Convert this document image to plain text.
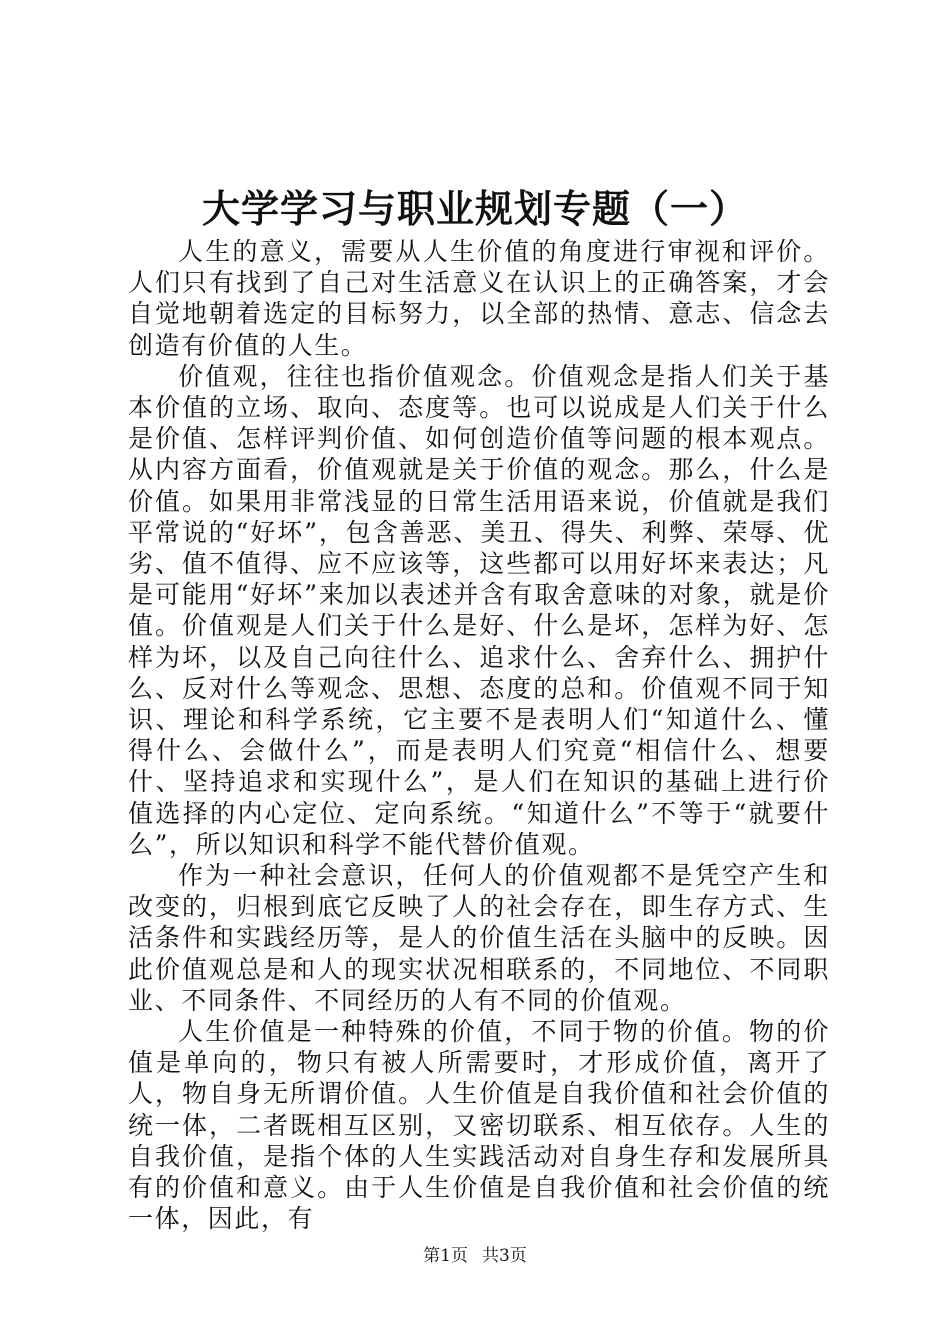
大学学习与职业规划专题（一）

人生的意义，需要从人生价值的角度进行审视和评价。人们只有找到了自己对生活意义在认识上的正确答案，才会自觉地朝着选定的目标努力，以全部的热情、意志、信念去创造有价值的人生。

价值观，往往也指价值观念。价值观念是指人们关于基本价值的立场、取向、态度等。也可以说成是人们关于什么是价值、怎样评判价值、如何创造价值等问题的根本观点。从内容方面看，价值观就是关于价值的观念。那么，什么是价值。如果用非常浅显的日常生活用语来说，价值就是我们平常说的“好坏”，包含善恶、美丑、得失、利弊、荣辱、优劣、值不值得、应不应该等，这些都可以用好坏来表达；凡是可能用“好坏”来加以表述并含有取舍意味的对象，就是价值。价值观是人们关于什么是好、什么是坏，怎样为好、怎样为坏，以及自己向往什么、追求什么、舍弃什么、拥护什么、反对什么等观念、思想、态度的总和。价值观不同于知识、理论和科学系统，它主要不是表明人们“知道什么、懂得什么、会做什么”，而是表明人们究竟“相信什么、想要什、坚持追求和实现什么”，是人们在知识的基础上进行价值选择的内心定位、定向系统。“知道什么”不等于“就要什么”，所以知识和科学不能代替价值观。

作为一种社会意识，任何人的价值观都不是凭空产生和改变的，归根到底它反映了人的社会存在，即生存方式、生活条件和实践经历等，是人的价值生活在头脑中的反映。因此价值观总是和人的现实状况相联系的，不同地位、不同职业、不同条件、不同经历的人有不同的价值观。

人生价值是一种特殊的价值，不同于物的价值。物的价值是单向的，物只有被人所需要时，才形成价值，离开了人，物自身无所谓价值。人生价值是自我价值和社会价值的统一体，二者既相互区别，又密切联系、相互依存。人生的自我价值，是指个体的人生实践活动对自身生存和发展所具有的价值和意义。由于人生价值是自我价值和社会价值的统一体，因此，有

第1页 共3页
